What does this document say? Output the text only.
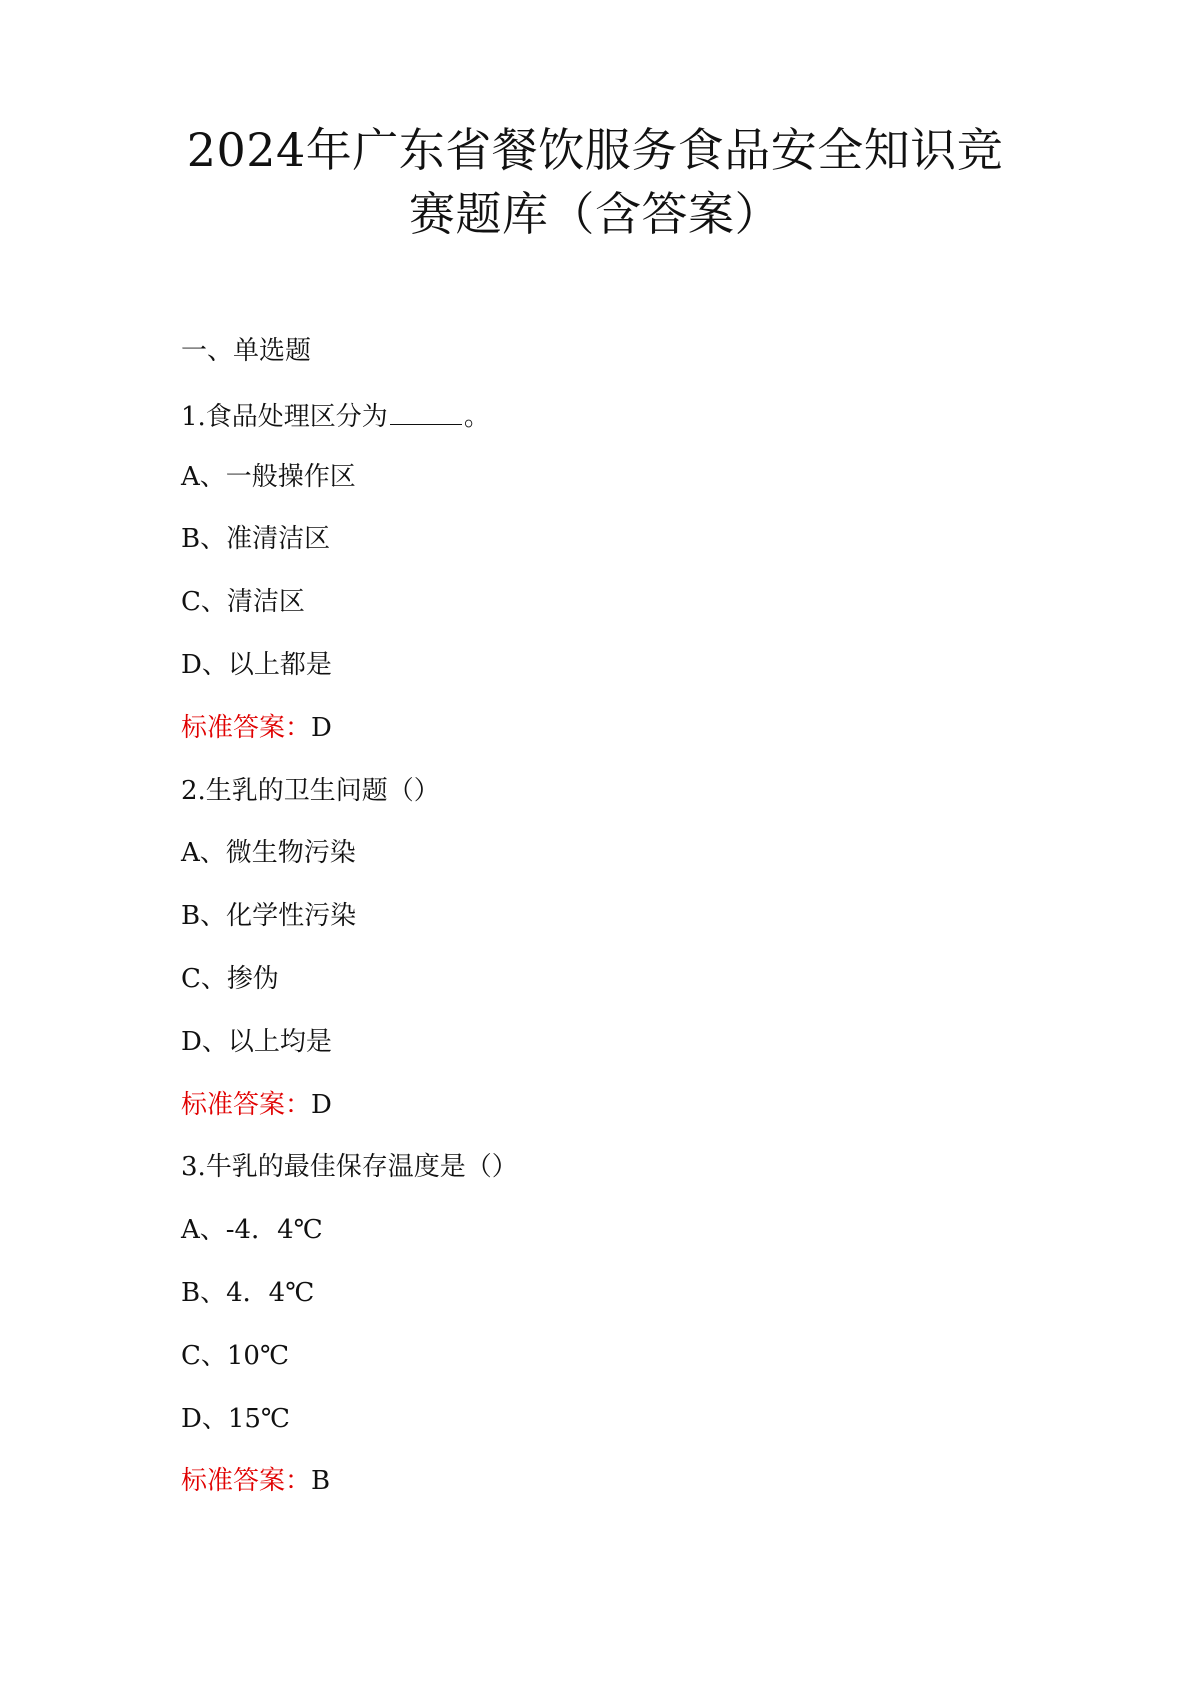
2024年广东省餐饮服务食品安全知识竞
赛题库（含答案）
一、单选题
1.食品处理区分为	。
A、一般操作区
B、准清洁区
C、清洁区
D、以上都是
标准答案：D
2.生乳的卫生问题（）
A、微生物污染
B、化学性污染
C、掺伪
D、以上均是
标准答案：D
3.牛乳的最佳保存温度是（）
A、-4．4℃
B、4．4℃
C、10℃
D、15℃
标准答案：B
